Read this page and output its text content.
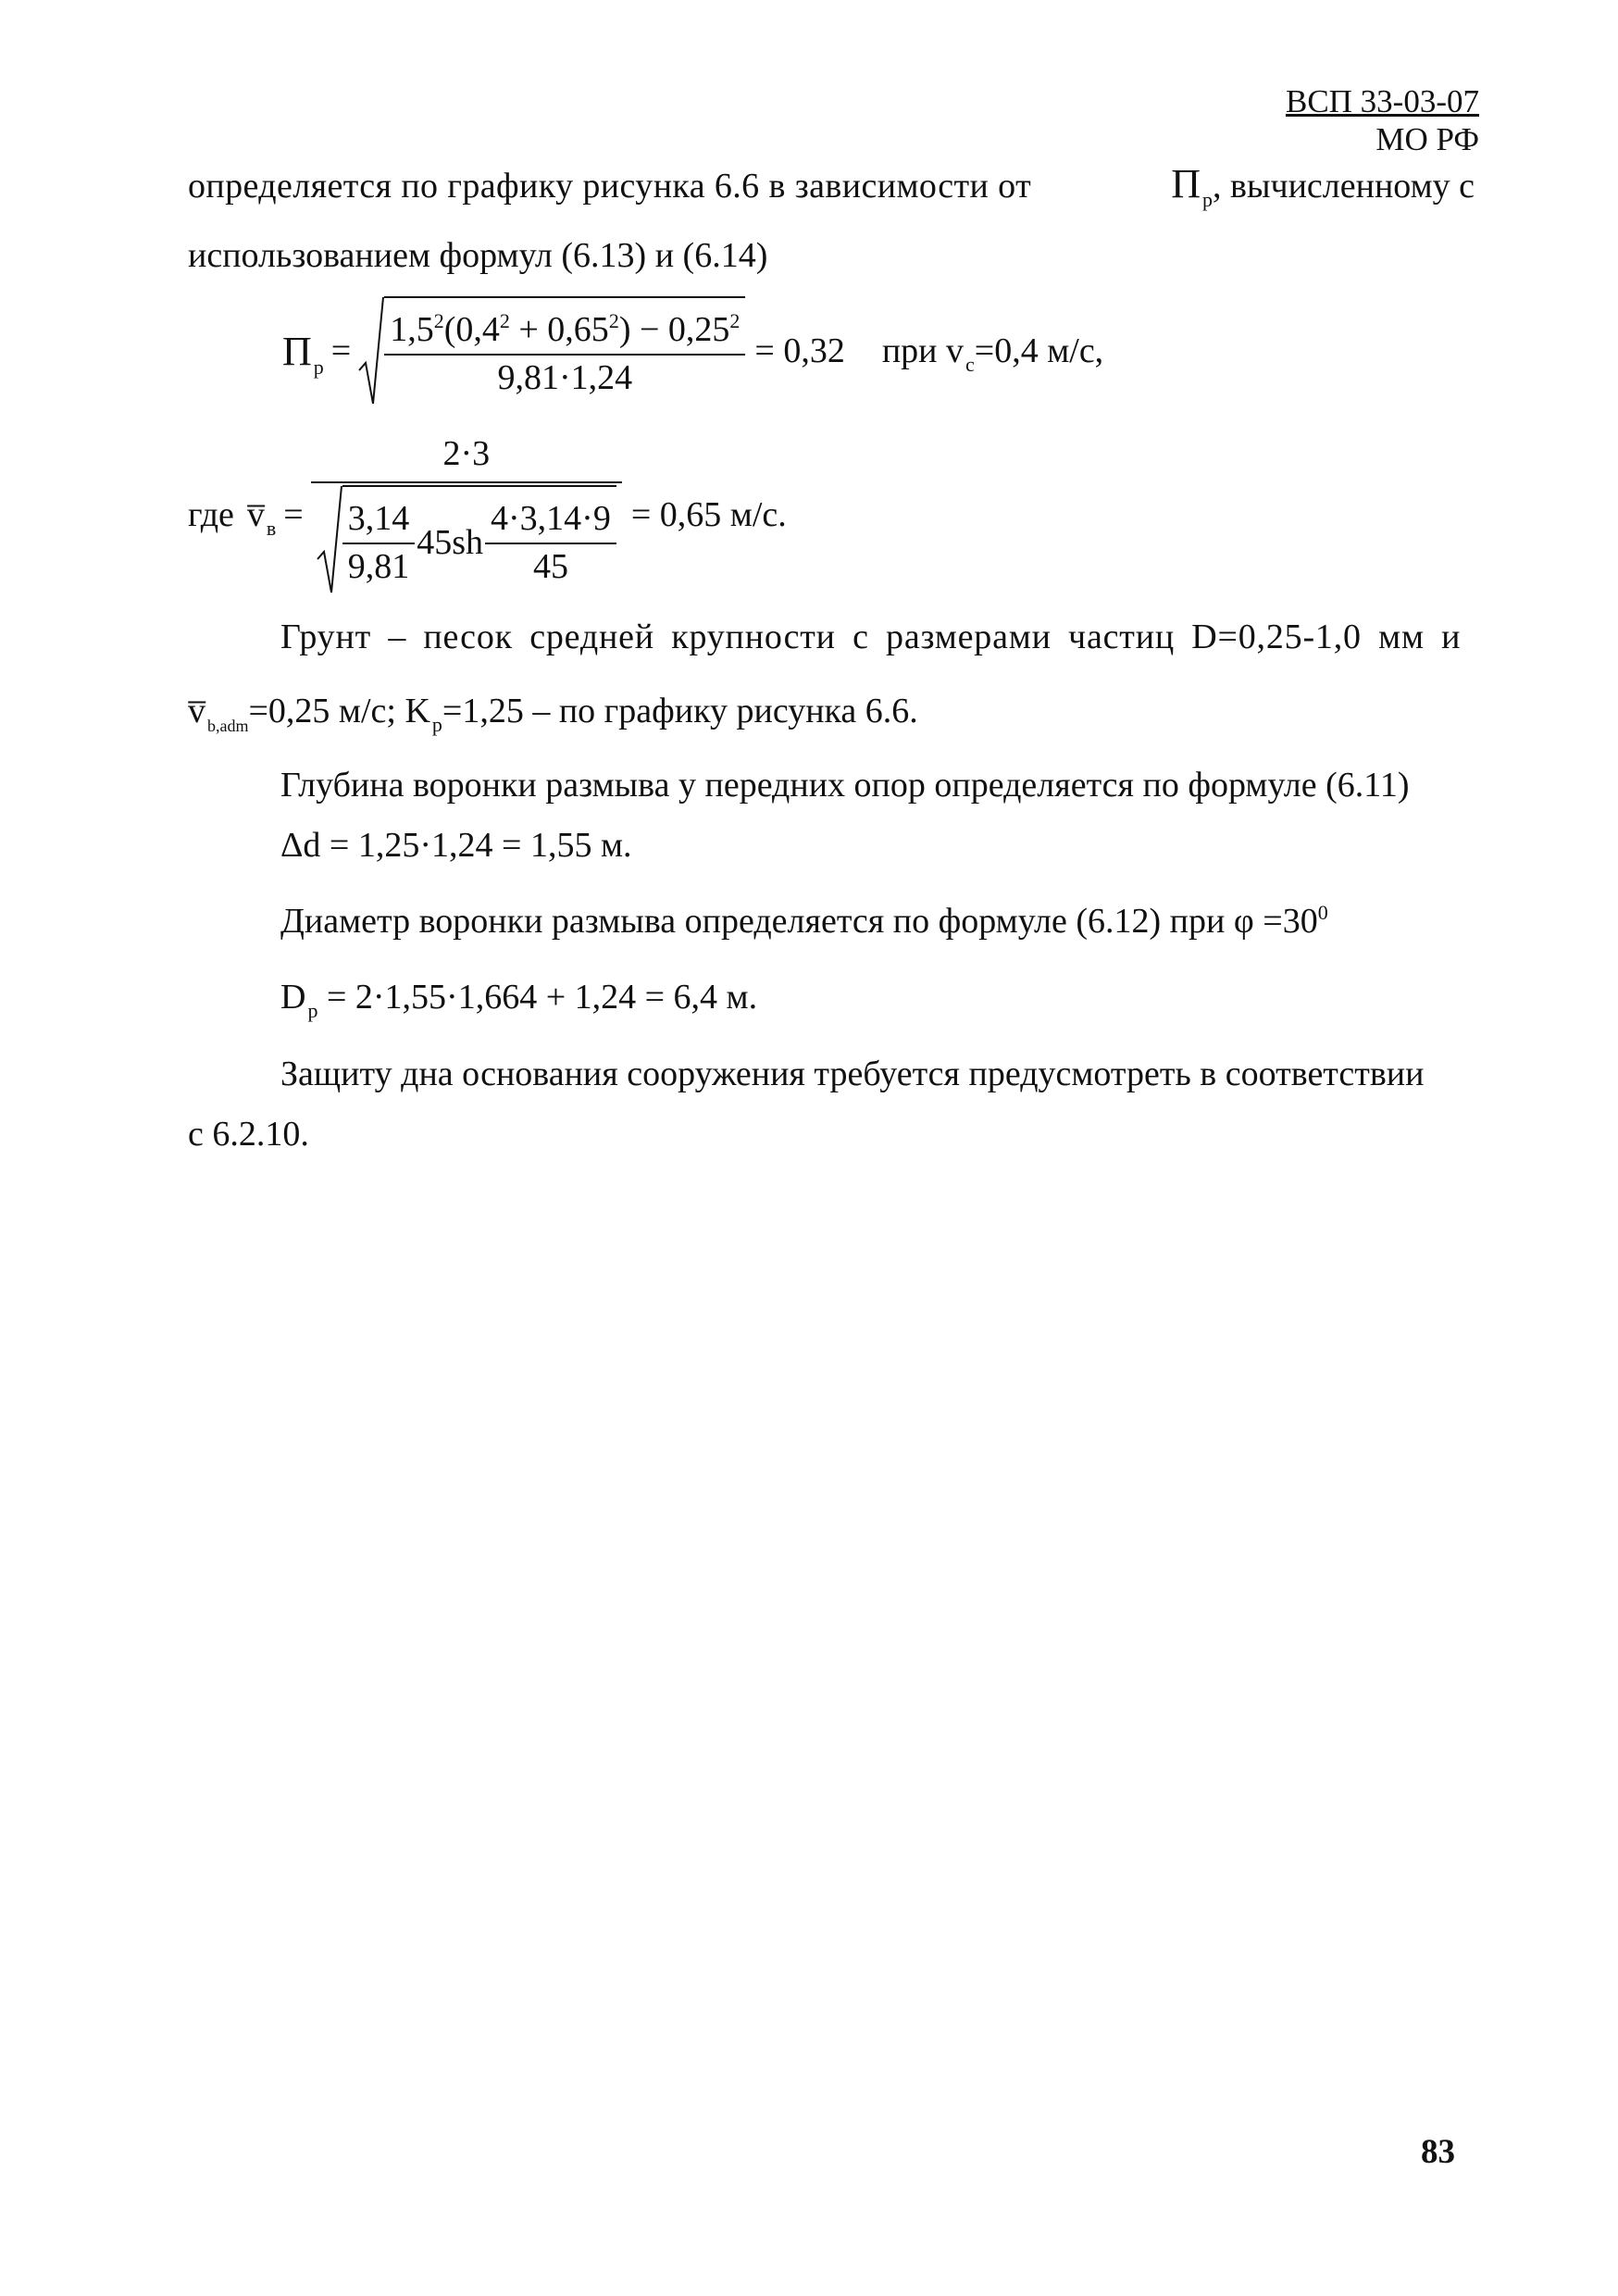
ВСП 33-03-07
МО РФ
определяется по графику рисунка 6.6 в зависимости от	$П_р$, вычисленному с
использованием формул (6.13) и (6.14)
$П_р = \frac{1,5^2(0,4^2 + 0,65^2) - 0,25^2}{9,81\cdot 1,24} = 0,32$ при $v_с=0,4$ м/с,
где $v̅_в$ =
2·3
$\frac{3,14}{9,81} 45sh \frac{4\cdot 3,14\cdot 9}{45} = 0,65$ м/с.
Грунт – песок средней крупности с размерами частиц D=0,25-1,0 мм и
v̅ $_{b,adm}$=0,25 м/с; $K_p=1,25$ – по графику рисунка 6.6.
Глубина воронки размыва у передних опор определяется по формуле (6.11)
Δd = 1,25·1,24 = 1,55 м.
Диаметр воронки размыва определяется по формуле (6.12) при $\varphi =30^0$
$D_р = 2\cdot 1,55\cdot 1,664 + 1,24 = 6,4$ м.
Защиту дна основания сооружения требуется предусмотреть в соответствии
с 6.2.10.
83
